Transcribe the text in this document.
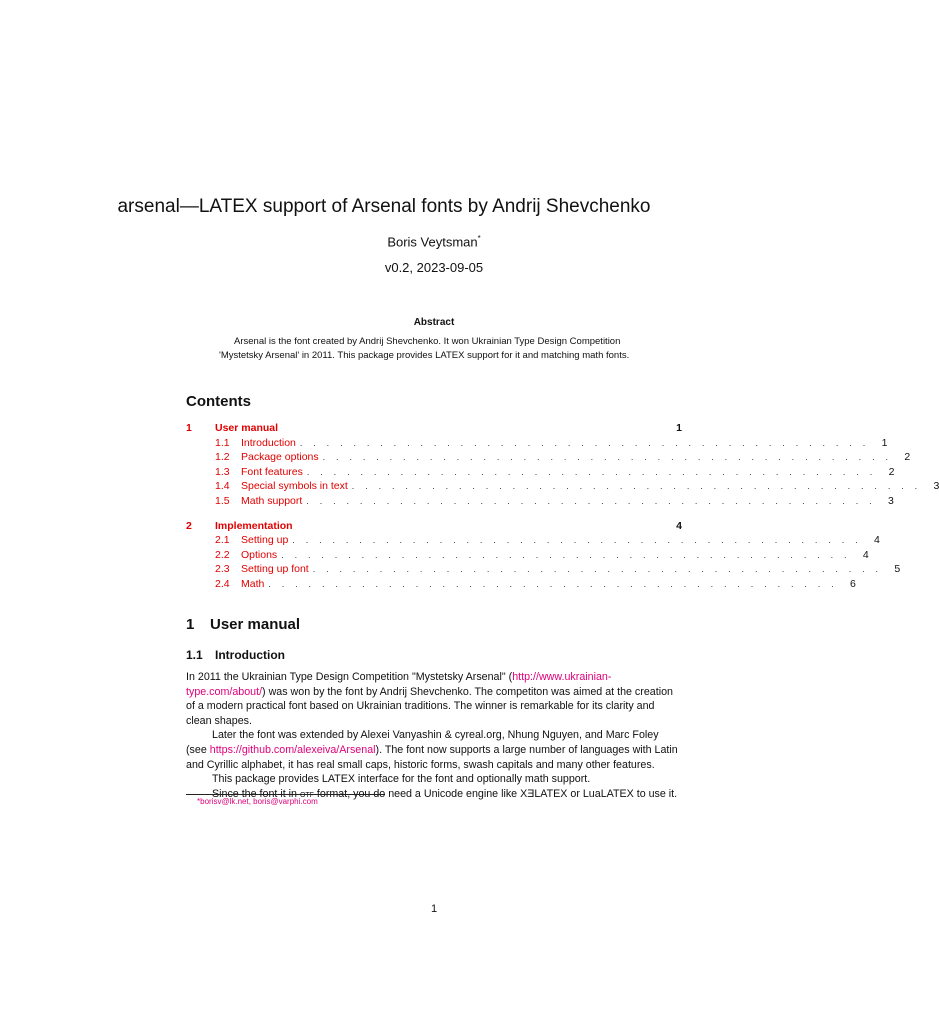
arsenal—LATEX support of Arsenal fonts by Andrij Shevchenko
Boris Veytsman*
v0.2, 2023-09-05
Abstract
Arsenal is the font created by Andrij Shevchenko. It won Ukrainian Type Design Competition 'Mystetsky Arsenal' in 2011. This package provides LATEX support for it and matching math fonts.
Contents
1	User manual	1
1.1	Introduction . . . . . . . . . . . . . . . . . . . . . . . . . . . . . . . . . . . . . . . . . . .	1
1.2	Package options . . . . . . . . . . . . . . . . . . . . . . . . . . . . . . . . . . . . . . . . . . .	2
1.3	Font features . . . . . . . . . . . . . . . . . . . . . . . . . . . . . . . . . . . . . . . . . . .	2
1.4	Special symbols in text . . . . . . . . . . . . . . . . . . . . . . . . . . . . . . . . . . . . . . . . . . .	3
1.5	Math support . . . . . . . . . . . . . . . . . . . . . . . . . . . . . . . . . . . . . . . . . . .	3
2	Implementation	4
2.1	Setting up . . . . . . . . . . . . . . . . . . . . . . . . . . . . . . . . . . . . . . . . . . .	4
2.2	Options . . . . . . . . . . . . . . . . . . . . . . . . . . . . . . . . . . . . . . . . . . .	4
2.3	Setting up font . . . . . . . . . . . . . . . . . . . . . . . . . . . . . . . . . . . . . . . . . . .	5
2.4	Math . . . . . . . . . . . . . . . . . . . . . . . . . . . . . . . . . . . . . . . . . . .	6
1 User manual
1.1 Introduction

In 2011 the Ukrainian Type Design Competition "Mystetsky Arsenal" (http://www.ukrainian-type.com/about/) was won by the font by Andrij Shevchenko. The competiton was aimed at the creation of a modern practical font based on Ukrainian traditions. The winner is remarkable for its clarity and clean shapes.

Later the font was extended by Alexei Vanyashin & cyreal.org, Nhung Nguyen, and Marc Foley (see https://github.com/alexeiva/Arsenal). The font now supports a large number of languages with Latin and Cyrillic alphabet, it has real small caps, historic forms, swash capitals and many other features.

This package provides LATEX interface for the font and optionally math support.

Since the font it in otf format, you do need a Unicode engine like XƎLATEX or LuaLATEX to use it.

*borisv@lk.net, boris@varphi.com
1
